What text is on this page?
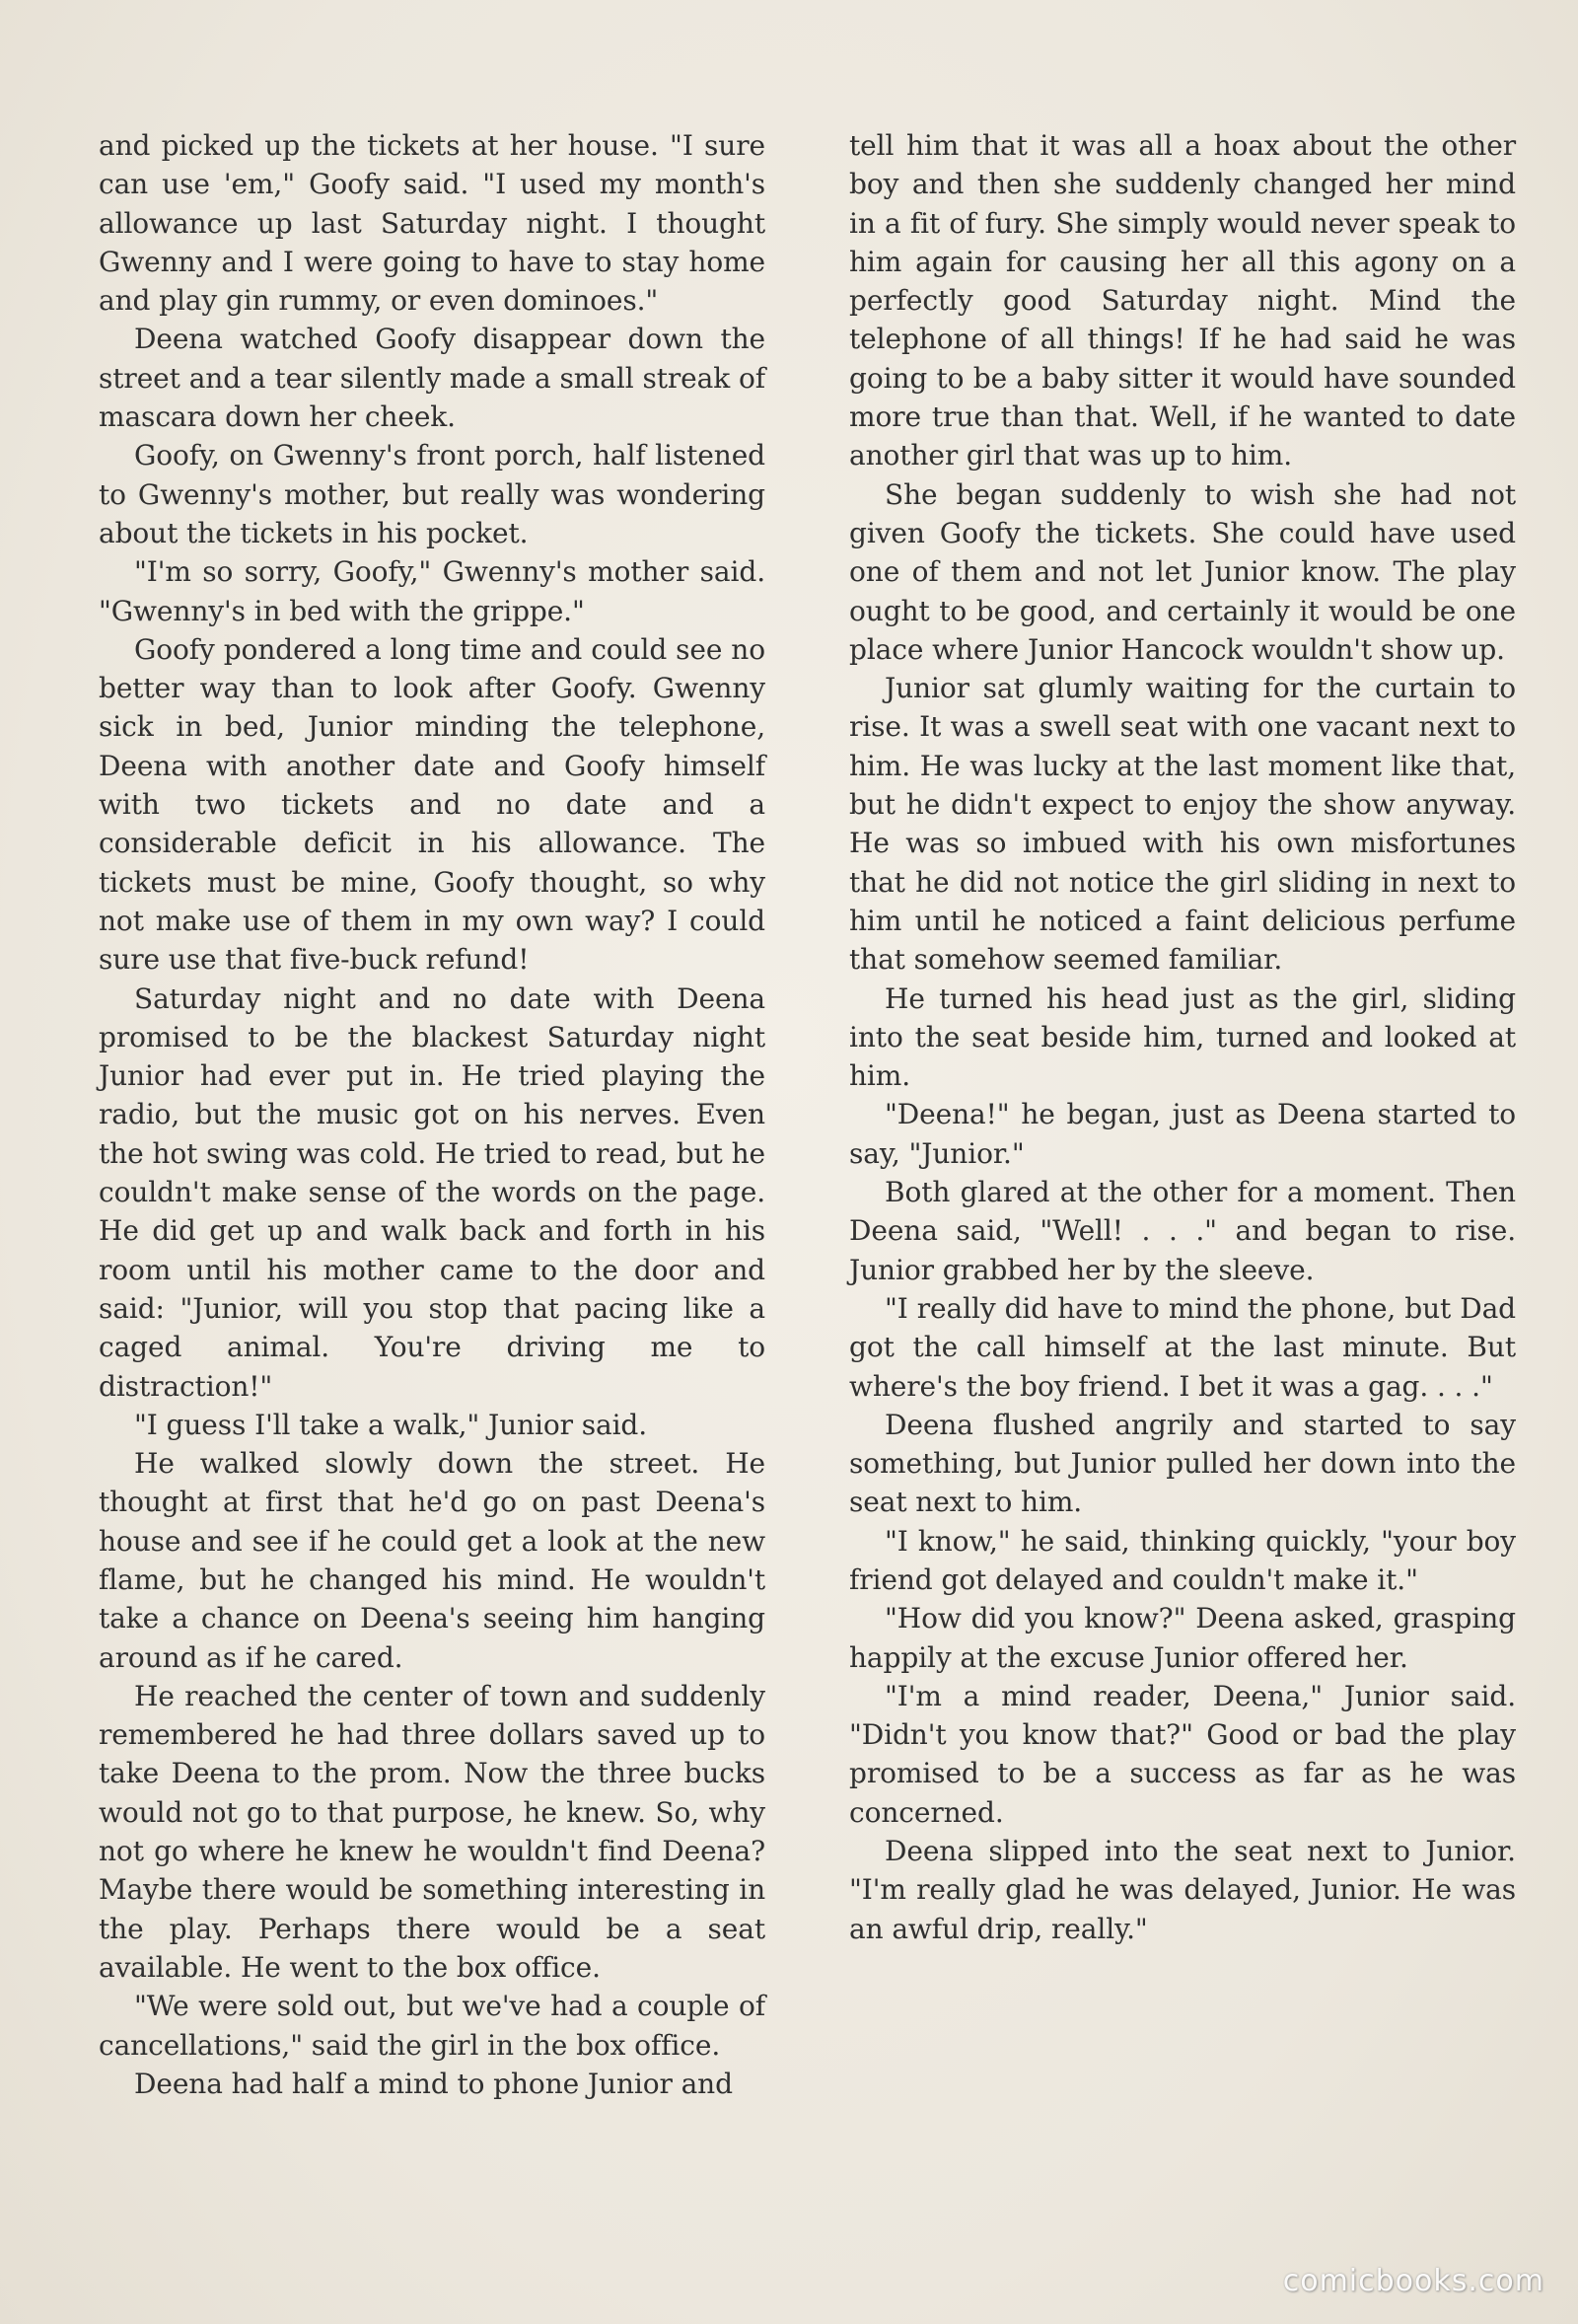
and picked up the tickets at her house. "I sure can use 'em," Goofy said. "I used my month's allowance up last Saturday night. I thought Gwenny and I were going to have to stay home and play gin rummy, or even dominoes."

Deena watched Goofy disappear down the street and a tear silently made a small streak of mascara down her cheek.

Goofy, on Gwenny's front porch, half listened to Gwenny's mother, but really was wondering about the tickets in his pocket.

"I'm so sorry, Goofy," Gwenny's mother said. "Gwenny's in bed with the grippe."

Goofy pondered a long time and could see no better way than to look after Goofy. Gwenny sick in bed, Junior minding the telephone, Deena with another date and Goofy himself with two tickets and no date and a considerable deficit in his allowance. The tickets must be mine, Goofy thought, so why not make use of them in my own way? I could sure use that five-buck refund!

Saturday night and no date with Deena promised to be the blackest Saturday night Junior had ever put in. He tried playing the radio, but the music got on his nerves. Even the hot swing was cold. He tried to read, but he couldn't make sense of the words on the page. He did get up and walk back and forth in his room until his mother came to the door and said: "Junior, will you stop that pacing like a caged animal. You're driving me to distraction!"

"I guess I'll take a walk," Junior said.

He walked slowly down the street. He thought at first that he'd go on past Deena's house and see if he could get a look at the new flame, but he changed his mind. He wouldn't take a chance on Deena's seeing him hanging around as if he cared.

He reached the center of town and suddenly remembered he had three dollars saved up to take Deena to the prom. Now the three bucks would not go to that purpose, he knew. So, why not go where he knew he wouldn't find Deena? Maybe there would be something interesting in the play. Perhaps there would be a seat available. He went to the box office.

"We were sold out, but we've had a couple of cancellations," said the girl in the box office.

Deena had half a mind to phone Junior and

tell him that it was all a hoax about the other boy and then she suddenly changed her mind in a fit of fury. She simply would never speak to him again for causing her all this agony on a perfectly good Saturday night. Mind the telephone of all things! If he had said he was going to be a baby sitter it would have sounded more true than that. Well, if he wanted to date another girl that was up to him.

She began suddenly to wish she had not given Goofy the tickets. She could have used one of them and not let Junior know. The play ought to be good, and certainly it would be one place where Junior Hancock wouldn't show up.

Junior sat glumly waiting for the curtain to rise. It was a swell seat with one vacant next to him. He was lucky at the last moment like that, but he didn't expect to enjoy the show anyway. He was so imbued with his own misfortunes that he did not notice the girl sliding in next to him until he noticed a faint delicious perfume that somehow seemed familiar.

He turned his head just as the girl, sliding into the seat beside him, turned and looked at him.

"Deena!" he began, just as Deena started to say, "Junior."

Both glared at the other for a moment. Then Deena said, "Well! . . ." and began to rise. Junior grabbed her by the sleeve.

"I really did have to mind the phone, but Dad got the call himself at the last minute. But where's the boy friend. I bet it was a gag. . . ."

Deena flushed angrily and started to say something, but Junior pulled her down into the seat next to him.

"I know," he said, thinking quickly, "your boy friend got delayed and couldn't make it."

"How did you know?" Deena asked, grasping happily at the excuse Junior offered her.

"I'm a mind reader, Deena," Junior said. "Didn't you know that?" Good or bad the play promised to be a success as far as he was concerned.

Deena slipped into the seat next to Junior. "I'm really glad he was delayed, Junior. He was an awful drip, really."

comicbooks.com
